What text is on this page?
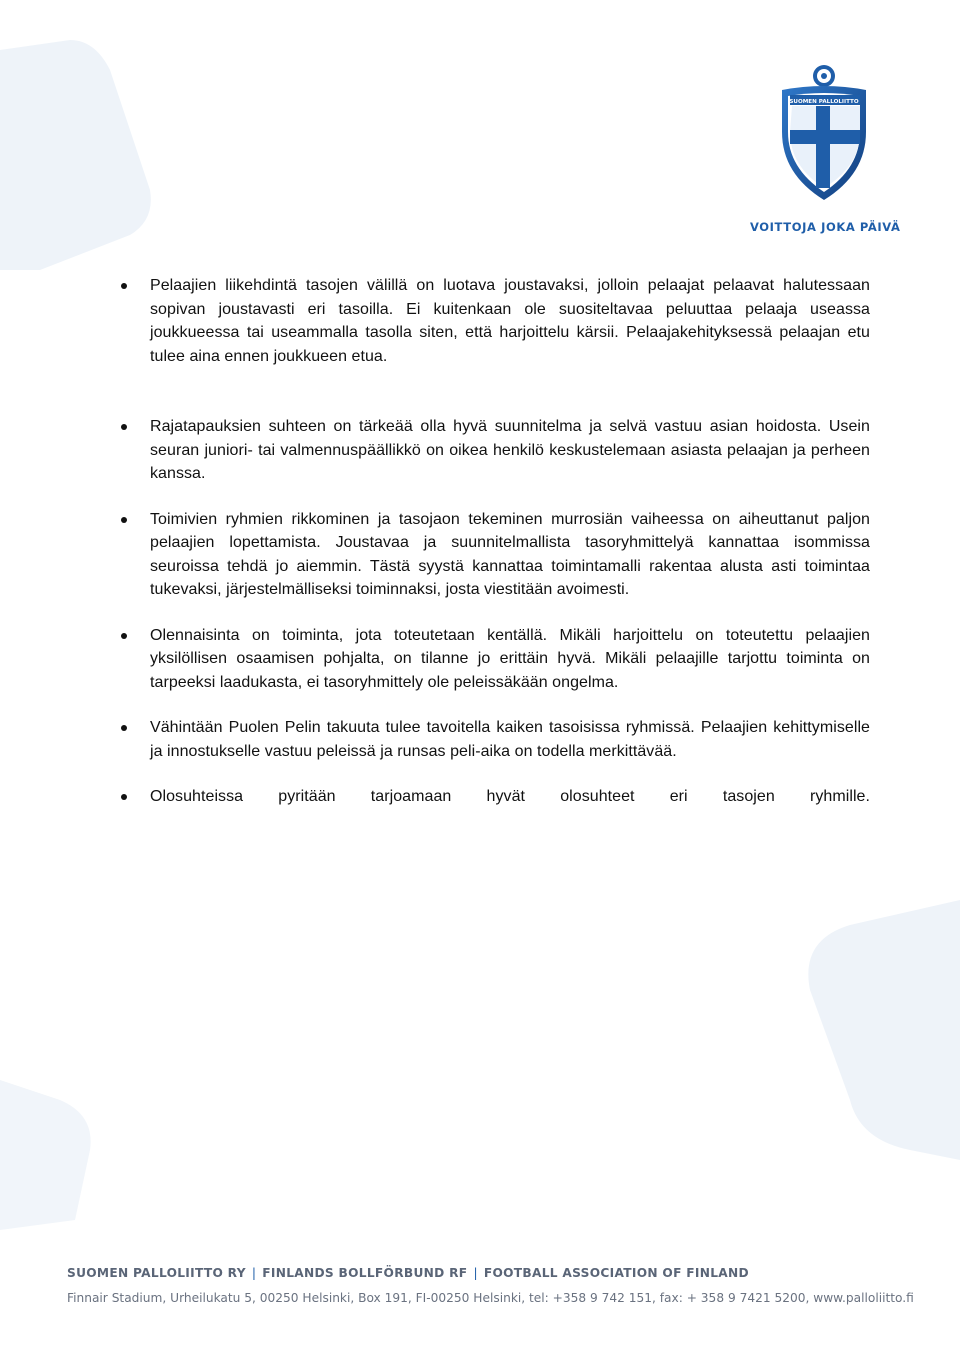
SUOMEN PALLOLIITTO
VOITTOJA JOKA PÄIVÄ
Pelaajien liikehdintä tasojen välillä on luotava joustavaksi, jolloin pelaajat pelaavat halutessaan sopivan joustavasti eri tasoilla. Ei kuitenkaan ole suositeltavaa peluuttaa pelaaja useassa joukkueessa tai useammalla tasolla siten, että harjoittelu kärsii. Pelaajakehityksessä pelaajan etu tulee aina ennen joukkueen etua.
Rajatapauksien suhteen on tärkeää olla hyvä suunnitelma ja selvä vastuu asian hoidosta. Usein seuran juniori- tai valmennuspäällikkö on oikea henkilö keskustelemaan asiasta pelaajan ja perheen kanssa.
Toimivien ryhmien rikkominen ja tasojaon tekeminen murrosiän vaiheessa on aiheuttanut paljon pelaajien lopettamista. Joustavaa ja suunnitelmallista tasoryhmittelyä kannattaa isommissa seuroissa tehdä jo aiemmin. Tästä syystä kannattaa toimintamalli rakentaa alusta asti toimintaa tukevaksi, järjestelmälliseksi toiminnaksi, josta viestitään avoimesti.
Olennaisinta on toiminta, jota toteutetaan kentällä. Mikäli harjoittelu on toteutettu pelaajien yksilöllisen osaamisen pohjalta, on tilanne jo erittäin hyvä. Mikäli pelaajille tarjottu toiminta on tarpeeksi laadukasta, ei tasoryhmittely ole peleissäkään ongelma.
Vähintään Puolen Pelin takuuta tulee tavoitella kaiken tasoisissa ryhmissä. Pelaajien kehittymiselle ja innostukselle vastuu peleissä ja runsas peli-aika on todella merkittävää.
Olosuhteissa pyritään tarjoamaan hyvät olosuhteet eri tasojen ryhmille.
SUOMEN PALLOLIITTO RY | FINLANDS BOLLFÖRBUND RF | FOOTBALL ASSOCIATION OF FINLAND
Finnair Stadium, Urheilukatu 5, 00250 Helsinki, Box 191, FI-00250 Helsinki, tel: +358 9 742 151, fax: + 358 9 7421 5200, www.palloliitto.fi
